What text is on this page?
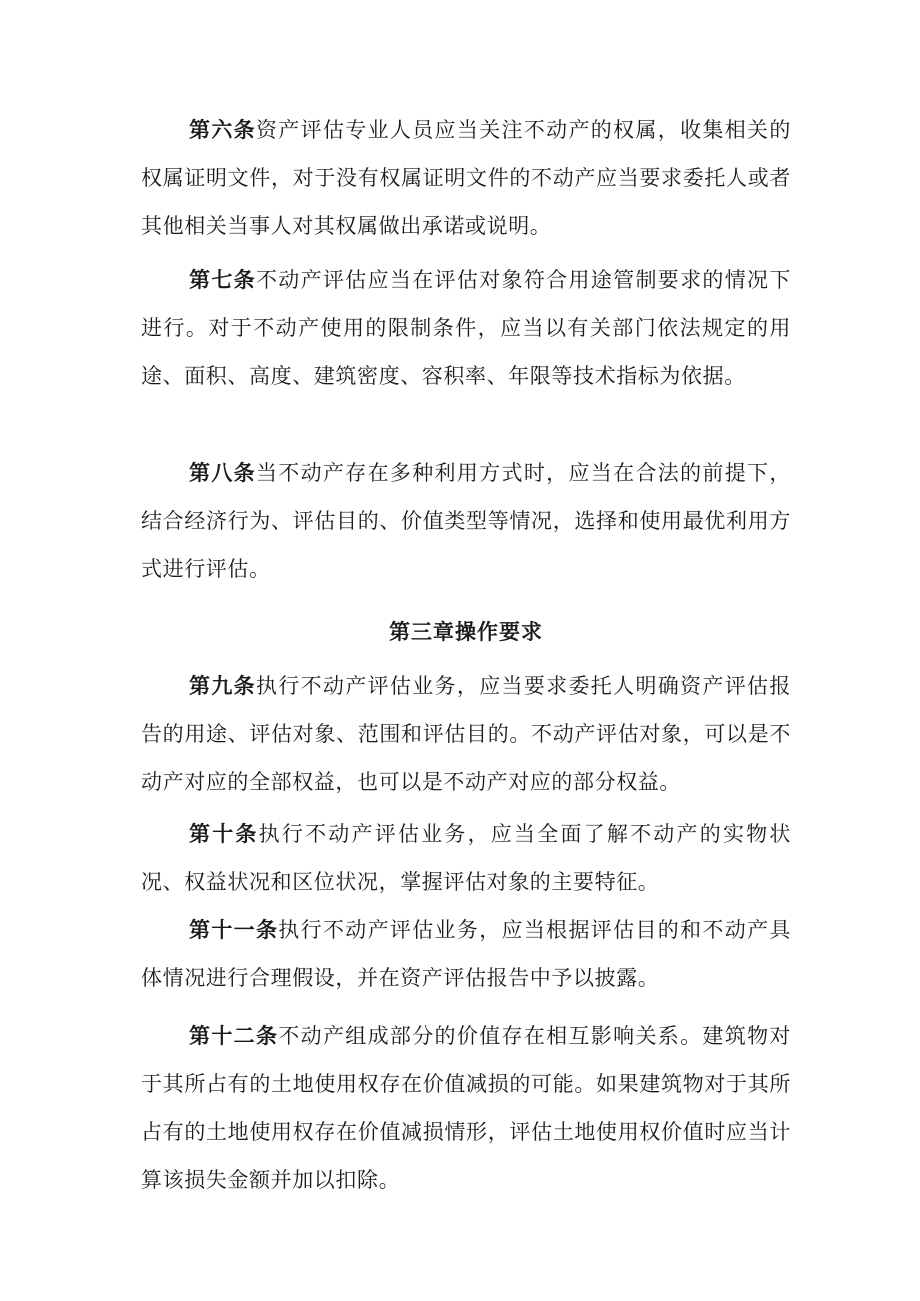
第六条资产评估专业人员应当关注不动产的权属，收集相关的权属证明文件，对于没有权属证明文件的不动产应当要求委托人或者其他相关当事人对其权属做出承诺或说明。

第七条不动产评估应当在评估对象符合用途管制要求的情况下进行。对于不动产使用的限制条件，应当以有关部门依法规定的用途、面积、高度、建筑密度、容积率、年限等技术指标为依据。

第八条当不动产存在多种利用方式时，应当在合法的前提下，结合经济行为、评估目的、价值类型等情况，选择和使用最优利用方式进行评估。

第三章操作要求

第九条执行不动产评估业务，应当要求委托人明确资产评估报告的用途、评估对象、范围和评估目的。不动产评估对象，可以是不动产对应的全部权益，也可以是不动产对应的部分权益。

第十条执行不动产评估业务，应当全面了解不动产的实物状况、权益状况和区位状况，掌握评估对象的主要特征。

第十一条执行不动产评估业务，应当根据评估目的和不动产具体情况进行合理假设，并在资产评估报告中予以披露。

第十二条不动产组成部分的价值存在相互影响关系。建筑物对于其所占有的土地使用权存在价值减损的可能。如果建筑物对于其所占有的土地使用权存在价值减损情形，评估土地使用权价值时应当计算该损失金额并加以扣除。
